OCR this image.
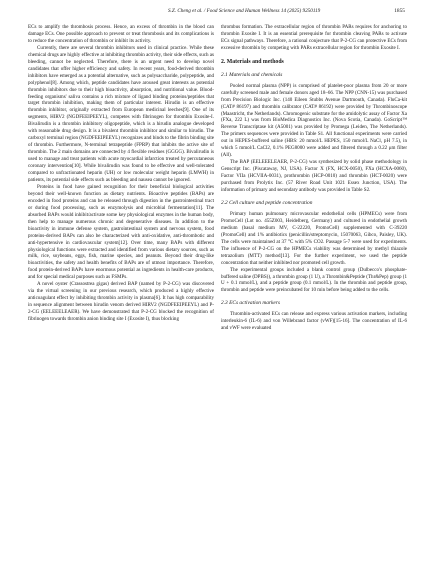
S.Z. Cheng et al. / Food Science and Human Wellness 14 (2025) 9250119	1855

ECs to amplify the thrombosis process. Hence, an excess of thrombin in the blood can damage ECs. One possible approach to prevent or treat thrombosis and its complications is to reduce the concentration of thrombin or inhibit its activity.

Currently, there are several thrombin inhibitors used in clinical practice. While these chemical drugs are highly effective at inhibiting thrombin activity, their side effects, such as bleeding, cannot be neglected. Therefore, there is an urgent need to develop novel candidates that offer higher efficiency and safety. In recent years, food-derived thrombin inhibitors have emerged as a potential alternative, such as polysaccharide, polypeptide, and polyphenol[8]. Among which, peptide candidates have aroused great interests as potential thrombin inhibitors due to their high bioactivity, absorption, and nutritional value. Blood-feeding organisms' saliva contains a rich mixture of ligand binding proteins/peptides that target thrombin inhibition, making them of particular interest. Hirudin is an effective thrombin inhibitor, originally extracted from European medicinal leeches[9]. One of its segments, HIRV2 (NGDFEEIPEEYL), competes with fibrinogen for thrombin Exosite-I. Bivalirudin is a thrombin inhibitory oligopeptide, which is a hirudin analogue developed with reasonable drug design. It is a bivalent thrombin inhibitor and similar to hirudin. The carboxyl terminal region (NGDFEEIPEEYL) recognizes and binds to the fibrin binding site of thrombin. Furthermore, N-terminal tetrapeptide (FPRP) that inhibits the active site of thrombin. The 2 main domains are connected by 4 flexible residues (GGGG). Bivalirudin is used to manage and treat patients with acute myocardial infarction treated by percutaneous coronary intervention[10]. While bivalirudin was found to be effective and well-tolerated compared to unfractionated heparin (UH) or low molecular weight heparin (LMWH) in patients, its potential side effects such as bleeding and nausea cannot be ignored.

Proteins in food have gained recognition for their beneficial biological activities beyond their well-known function as dietary nutrients. Bioactive peptides (BAPs) are encoded in food proteins and can be released through digestion in the gastrointestinal tract or during food processing, such as enzymolysis and microbial fermentation[11]. The absorbed BAPs would inhibit/activate some key physiological enzymes in the human body, then help to manage numerous chronic and degenerative diseases. In addition to the bioactivity in immune defense system, gastrointestinal system and nervous system, food proteins-derived BAPs can also be characterized with anti-oxidative, anti-thrombotic and anti-hypertensive in cardiovascular system[12]. Over time, many BAPs with different physiological functions were extracted and identified from various dietary sources, such as milk, rice, soybeans, eggs, fish, marine species, and peanuts. Beyond their drug-like bioactivities, the safety and health benefits of BAPs are of utmost importance. Therefore, food protein-derived BAPs have enormous potential as ingredients in health-care products, and for special medical purposes such as FSMPs.

A novel oyster (Crassostrea gigas) derived BAP (named by P-2-CG) was discovered via the virtual screening in our previous research, which produced a highly effective anticoagulant effect by inhibiting thrombin activity in plasma[6]. It has high comparability in sequence alignment between hirudin venom derived HIRV2 (NGDFEEIPEEYL) and P-2-CG (EELEEELEAER). We have demonstrated that P-2-CG blocked the recognition of fibrinogen towards thrombin anion binding site I (Exosite I), thus blocking

thrombus formation. The extracellular region of thrombin PARs requires for anchoring to thrombin Exosite I. It is an essential prerequisite for thrombin cleaving PARs to activate ECs signal pathways. Therefore, a rational conjecture that P-2-CG can protective ECs from excessive thrombin by competing with PARs extracellular region for thrombin Exosite I.

2. Materials and methods
2.1 Materials and chemicals

Pooled normal plasma (NPP) is comprised of platelet-poor plasma from 20 or more carefully screened male and female donors aged 18–66. The NPP (CNN-15) was purchased from Precision Biologic Inc. (140 Eileen Stubbs Avenue Dartmouth, Canada). FluCa-kit (CAT# 86197) and thrombin calibrator (CAT# 86192) were provided by Thrombinoscope (Maastricht, the Netherlands). Chromogenic substrate for the amidolytic assay of Factor Xa (FXa, 222 L) was from BioMedica Diagnostics Inc. (Nova Scotia, Canada). GoScript™ Reverse Transcriptase kit (A5001) was provided by Promega (Leiden, The Netherlands). The primers sequences were provided in Table S1. All functional experiments were carried out in HEPES-buffered saline (HBS: 20 mmol/L HEPES, 150 mmol/L NaCl, pH 7.5), in which 5 mmol/L CaCl2, 0.1% PEG8000 were added and filtered through a 0.22 μm filter (All).

The BAP (EELEEELEAER, P-2-CG) was synthesized by solid phase methodology in Genscript Inc. (Piscataway, NJ, USA). Factor X (FX, HCX-0050), FXa (HCXA-0060), Factor VIIa (HCVIIA-0031), prothrombin (HCP-0010) and thrombin (HCT-0020) were purchased from Prolytix Inc. (57 River Road Unit 1021 Essex Junction, USA). The information of primary and secondary antibody was provided in Table S2.

2.2 Cell culture and peptide concentration

Primary human pulmonary microvascular endothelial cells (HPMECs) were from PromoCell (Lot no. 455Z003, Heidelberg, Germany) and cultured in endothelial growth medium (basal medium MV, C-22220, PromoCell) supplemented with C-39220 (PromoCell) and 1% antibiotics (penicillin/streptomycin, 15070063, Gibco, Paisley, UK). The cells were maintained at 37 °C with 5% CO2. Passage 5-7 were used for experiments. The influence of P-2-CG on the HPMECs viability was determined by methyl thiazole tetrazolium (MTT) method[13]. For the further experiment, we used the peptide concentration that neither inhibited nor promoted cell growth.

The experimental groups included a blank control group (Dulbecco's phosphate-buffered saline (DPBS)), a thrombin group (1 U), a Thrombin&Peptide (Thr&Pep) group (1 U + 0.1 mmol/L), and a peptide group (0.1 mmol/L). In the thrombin and peptide group, thrombin and peptide were preincubated for 10 min before being added to the cells.

2.3 ECs activation markers

Thrombin-activated ECs can release and express various activation markers, including interleukin-6 (IL-6) and von Willebrand factor (vWF)[15-16]. The concentration of IL-6 and vWF were evaluated
